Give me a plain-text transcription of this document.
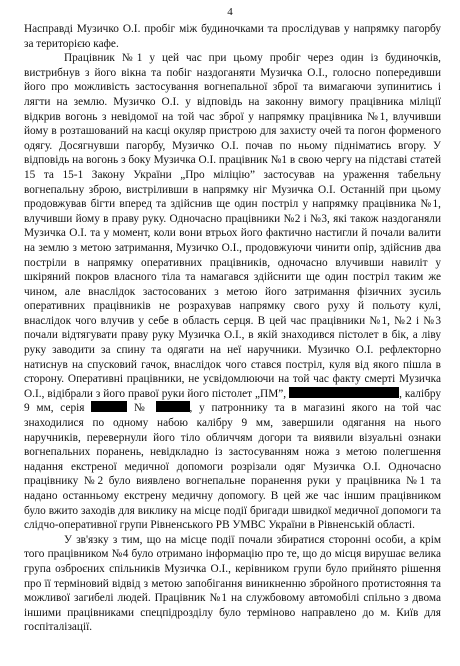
4

Насправді Музичко О.І. пробіг між будиночками та прослідував у напрямку пагорбу за територією кафе.

Працівник №1 у цей час при цьому пробіг через один із будиночків, вистрибнув з його вікна та побіг наздоганяти Музичка О.І., голосно попередивши його про можливість застосування вогнепальної зброї та вимагаючи зупинитись і лягти на землю. Музичко О.І. у відповідь на законну вимогу працівника міліції відкрив вогонь з невідомої на той час зброї у напрямку працівника №1, влучивши йому в розташований на касці окуляр пристрою для захисту очей та погон форменого одягу. Досягнувши пагорбу, Музичко О.І. почав по ньому підніматись вгору. У відповідь на вогонь з боку Музичка О.І. працівник №1 в свою чергу на підставі статей 15 та 15-1 Закону України „Про міліцію” застосував на ураження табельну вогнепальну зброю, вистріливши в напрямку ніг Музичка О.І. Останній при цьому продовжував бігти вперед та здійснив ще один постріл у напрямку працівника №1, влучивши йому в праву руку. Одночасно працівники №2 і №3, які також наздоганяли Музичка О.І. та у момент, коли вони втрьох його фактично настигли й почали валити на землю з метою затримання, Музичко О.І., продовжуючи чинити опір, здійснив два постріли в напрямку оперативних працівників, одночасно влучивши навиліт у шкіряний покров власного тіла та намагався здійснити ще один постріл таким же чином, але внаслідок застосованих з метою його затримання фізичних зусиль оперативних працівників не розрахував напрямку свого руху й польоту кулі, внаслідок чого влучив у себе в область серця. В цей час працівники №1, №2 і №3 почали відтягувати праву руку Музичка О.І., в якій знаходився пістолет в бік, а ліву руку заводити за спину та одягати на неї наручники. Музичко О.І. рефлекторно натиснув на спусковий гачок, внаслідок чого стався постріл, куля від якого пішла в сторону. Оперативні працівники, не усвідомлюючи на той час факту смерті Музичка О.І., відібрали з його правої руки його пістолет „ПМ”,	, калібру 9 мм, серія	№	, у патроннику та в магазині якого на той час знаходилися по одному набою калібру 9 мм, завершили одягання на нього наручників, перевернули його тіло обличчям догори та виявили візуальні ознаки вогнепальних поранень, невідкладно із застосуванням ножа з метою полегшення надання екстреної медичної допомоги розрізали одяг Музичка О.І. Одночасно працівнику №2 було виявлено вогнепальне поранення руки у працівника №1 та надано останньому екстрену медичну допомогу. В цей же час іншим працівником було вжито заходів для виклику на місце події бригади швидкої медичної допомоги та слідчо-оперативної групи Рівненського РВ УМВС України в Рівненській області.

У зв'язку з тим, що на місце події почали збиратися сторонні особи, а крім того працівником №4 було отримано інформацію про те, що до місця вирушає велика група озброєних спільників Музичка О.І., керівником групи було прийнято рішення про її терміновий відвід з метою запобігання виникненню збройного протистояння та можливої загибелі людей. Працівник №1 на службовому автомобілі спільно з двома іншими працівниками спецпідрозділу було терміново направлено до м. Київ для госпіталізації.
